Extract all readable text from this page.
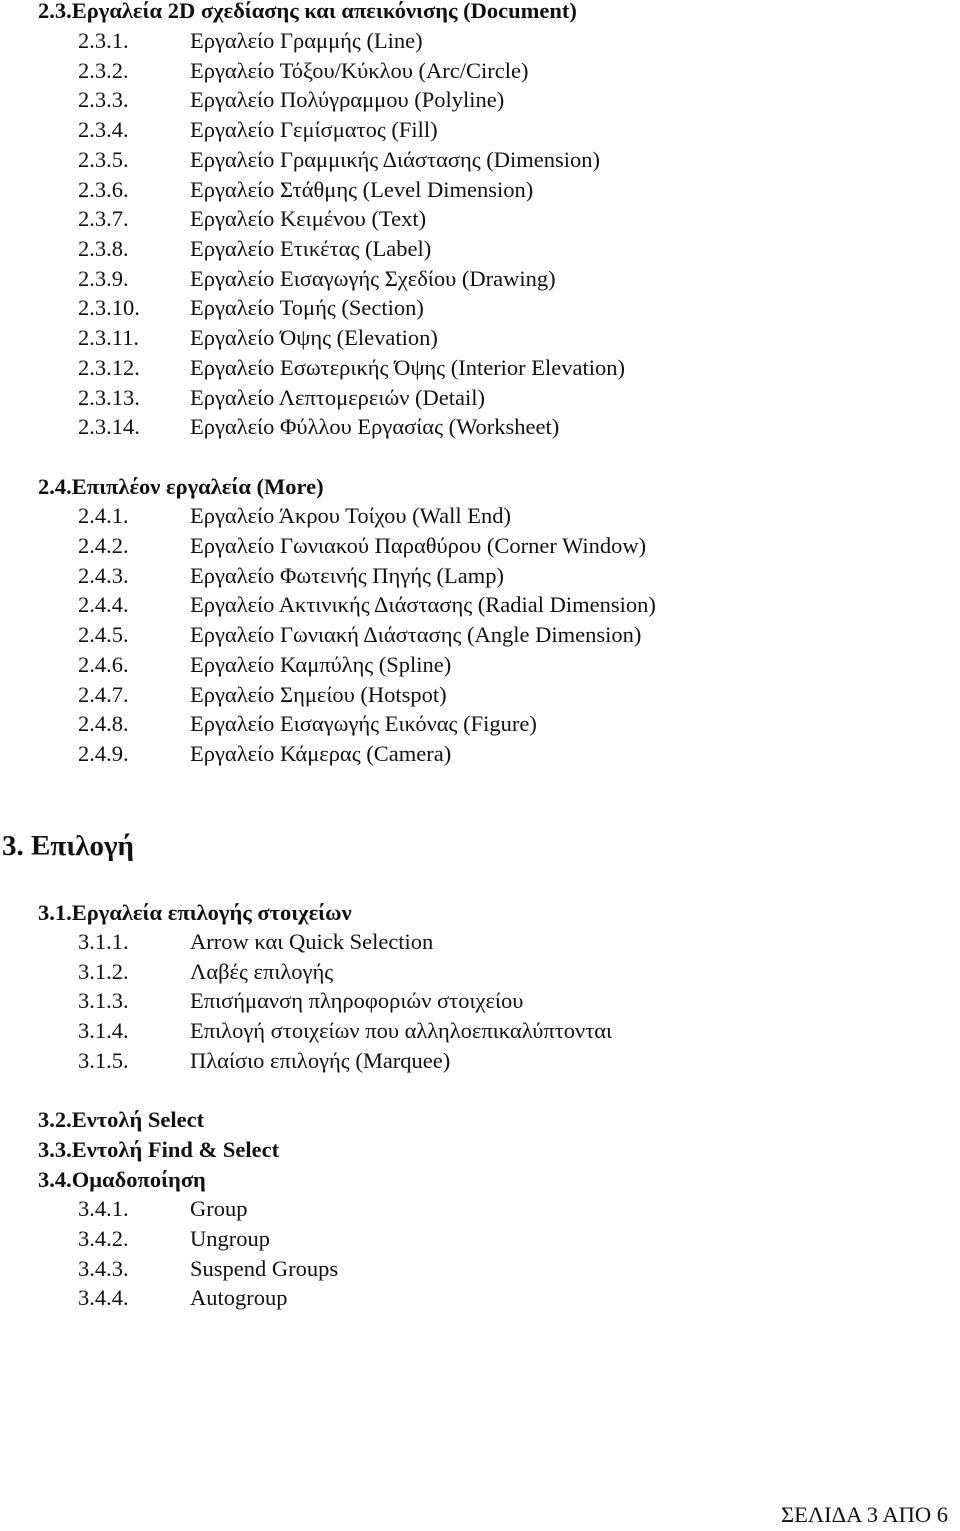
2.3.Εργαλεία 2D σχεδίασης και απεικόνισης (Document)
2.3.1.	Εργαλείο Γραμμής (Line)
2.3.2.	Εργαλείο Τόξου/Κύκλου (Arc/Circle)
2.3.3.	Εργαλείο Πολύγραμμου (Polyline)
2.3.4.	Εργαλείο Γεμίσματος (Fill)
2.3.5.	Εργαλείο Γραμμικής Διάστασης (Dimension)
2.3.6.	Εργαλείο Στάθμης (Level Dimension)
2.3.7.	Εργαλείο Κειμένου (Text)
2.3.8.	Εργαλείο Ετικέτας (Label)
2.3.9.	Εργαλείο Εισαγωγής Σχεδίου (Drawing)
2.3.10. Εργαλείο Τομής (Section)
2.3.11. Εργαλείο Όψης (Elevation)
2.3.12. Εργαλείο Εσωτερικής Όψης (Interior Elevation)
2.3.13. Εργαλείο Λεπτομερειών (Detail)
2.3.14. Εργαλείο Φύλλου Εργασίας (Worksheet)
2.4.Επιπλέον εργαλεία (More)
2.4.1.	Εργαλείο Άκρου Τοίχου (Wall End)
2.4.2.	Εργαλείο Γωνιακού Παραθύρου (Corner Window)
2.4.3.	Εργαλείο Φωτεινής Πηγής (Lamp)
2.4.4.	Εργαλείο Ακτινικής Διάστασης (Radial Dimension)
2.4.5.	Εργαλείο Γωνιακή Διάστασης (Angle Dimension)
2.4.6.	Εργαλείο Καμπύλης (Spline)
2.4.7.	Εργαλείο Σημείου (Hotspot)
2.4.8.	Εργαλείο Εισαγωγής Εικόνας (Figure)
2.4.9.	Εργαλείο Κάμερας (Camera)
3. Επιλογή
3.1.Εργαλεία επιλογής στοιχείων
3.1.1.	Arrow και Quick Selection
3.1.2.	Λαβές επιλογής
3.1.3.	Επισήμανση πληροφοριών στοιχείου
3.1.4.	Επιλογή στοιχείων που αλληλοεπικαλύπτονται
3.1.5.	Πλαίσιο επιλογής (Marquee)
3.2.Εντολή Select
3.3.Εντολή Find & Select
3.4.Ομαδοποίηση
3.4.1.	Group
3.4.2.	Ungroup
3.4.3.	Suspend Groups
3.4.4.	Autogroup
ΣΕΛΙΔΑ 3 ΑΠΟ 6
